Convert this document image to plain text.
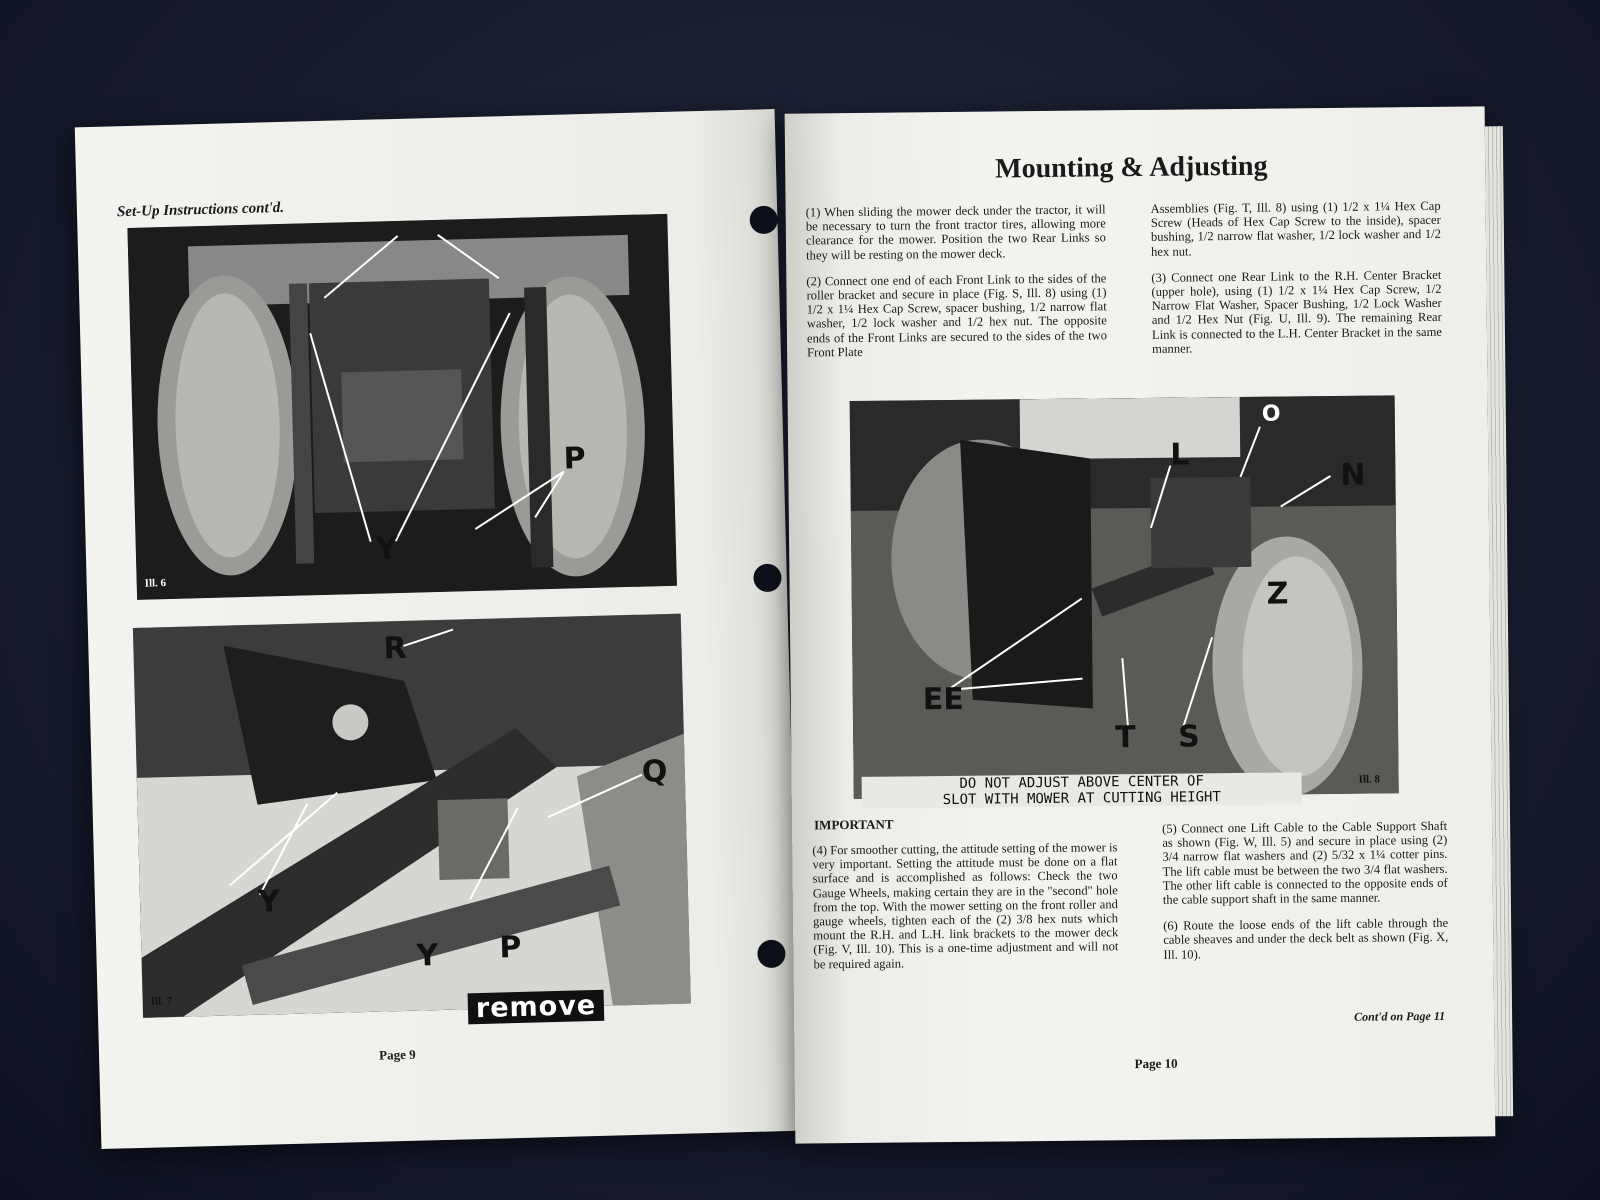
Set-Up Instructions cont'd.
Ill. 6
P
Y
R
Q
Y
Y P
Ill. 7	remove
Page 9
Mounting & Adjusting

(1) When sliding the mower deck under the tractor, it will be necessary to turn the front tractor tires, allowing more clearance for the mower. Position the two Rear Links so they will be resting on the mower deck.

(2) Connect one end of each Front Link to the sides of the roller bracket and secure in place (Fig. S, Ill. 8) using (1) 1/2 x 1¼ Hex Cap Screw, spacer bushing, 1/2 narrow flat washer, 1/2 lock washer and 1/2 hex nut. The opposite ends of the Front Links are secured to the sides of the two Front Plate

Assemblies (Fig. T, Ill. 8) using (1) 1/2 x 1¼ Hex Cap Screw (Heads of Hex Cap Screw to the inside), spacer bushing, 1/2 narrow flat washer, 1/2 lock washer and 1/2 hex nut.

(3) Connect one Rear Link to the R.H. Center Bracket (upper hole), using (1) 1/2 x 1¼ Hex Cap Screw, 1/2 Narrow Flat Washer, Spacer Bushing, 1/2 Lock Washer and 1/2 Hex Nut (Fig. U, Ill. 9). The remaining Rear Link is connected to the L.H. Center Bracket in the same manner.

L
O
N
Z
EE
T S
Ill. 8
DO NOT ADJUST ABOVE CENTER OF
SLOT WITH MOWER AT CUTTING HEIGHT
IMPORTANT

(4) For smoother cutting, the attitude setting of the mower is very important. Setting the attitude must be done on a flat surface and is accomplished as follows: Check the two Gauge Wheels, making certain they are in the "second" hole from the top. With the mower setting on the front roller and gauge wheels, tighten each of the (2) 3/8 hex nuts which mount the R.H. and L.H. link brackets to the mower deck (Fig. V, Ill. 10). This is a one-time adjustment and will not be required again.

(5) Connect one Lift Cable to the Cable Support Shaft as shown (Fig. W, Ill. 5) and secure in place using (2) 3/4 narrow flat washers and (2) 5/32 x 1¼ cotter pins. The lift cable must be between the two 3/4 flat washers. The other lift cable is connected to the opposite ends of the cable support shaft in the same manner.

(6) Route the loose ends of the lift cable through the cable sheaves and under the deck belt as shown (Fig. X, Ill. 10).

Cont'd on Page 11
Page 10
